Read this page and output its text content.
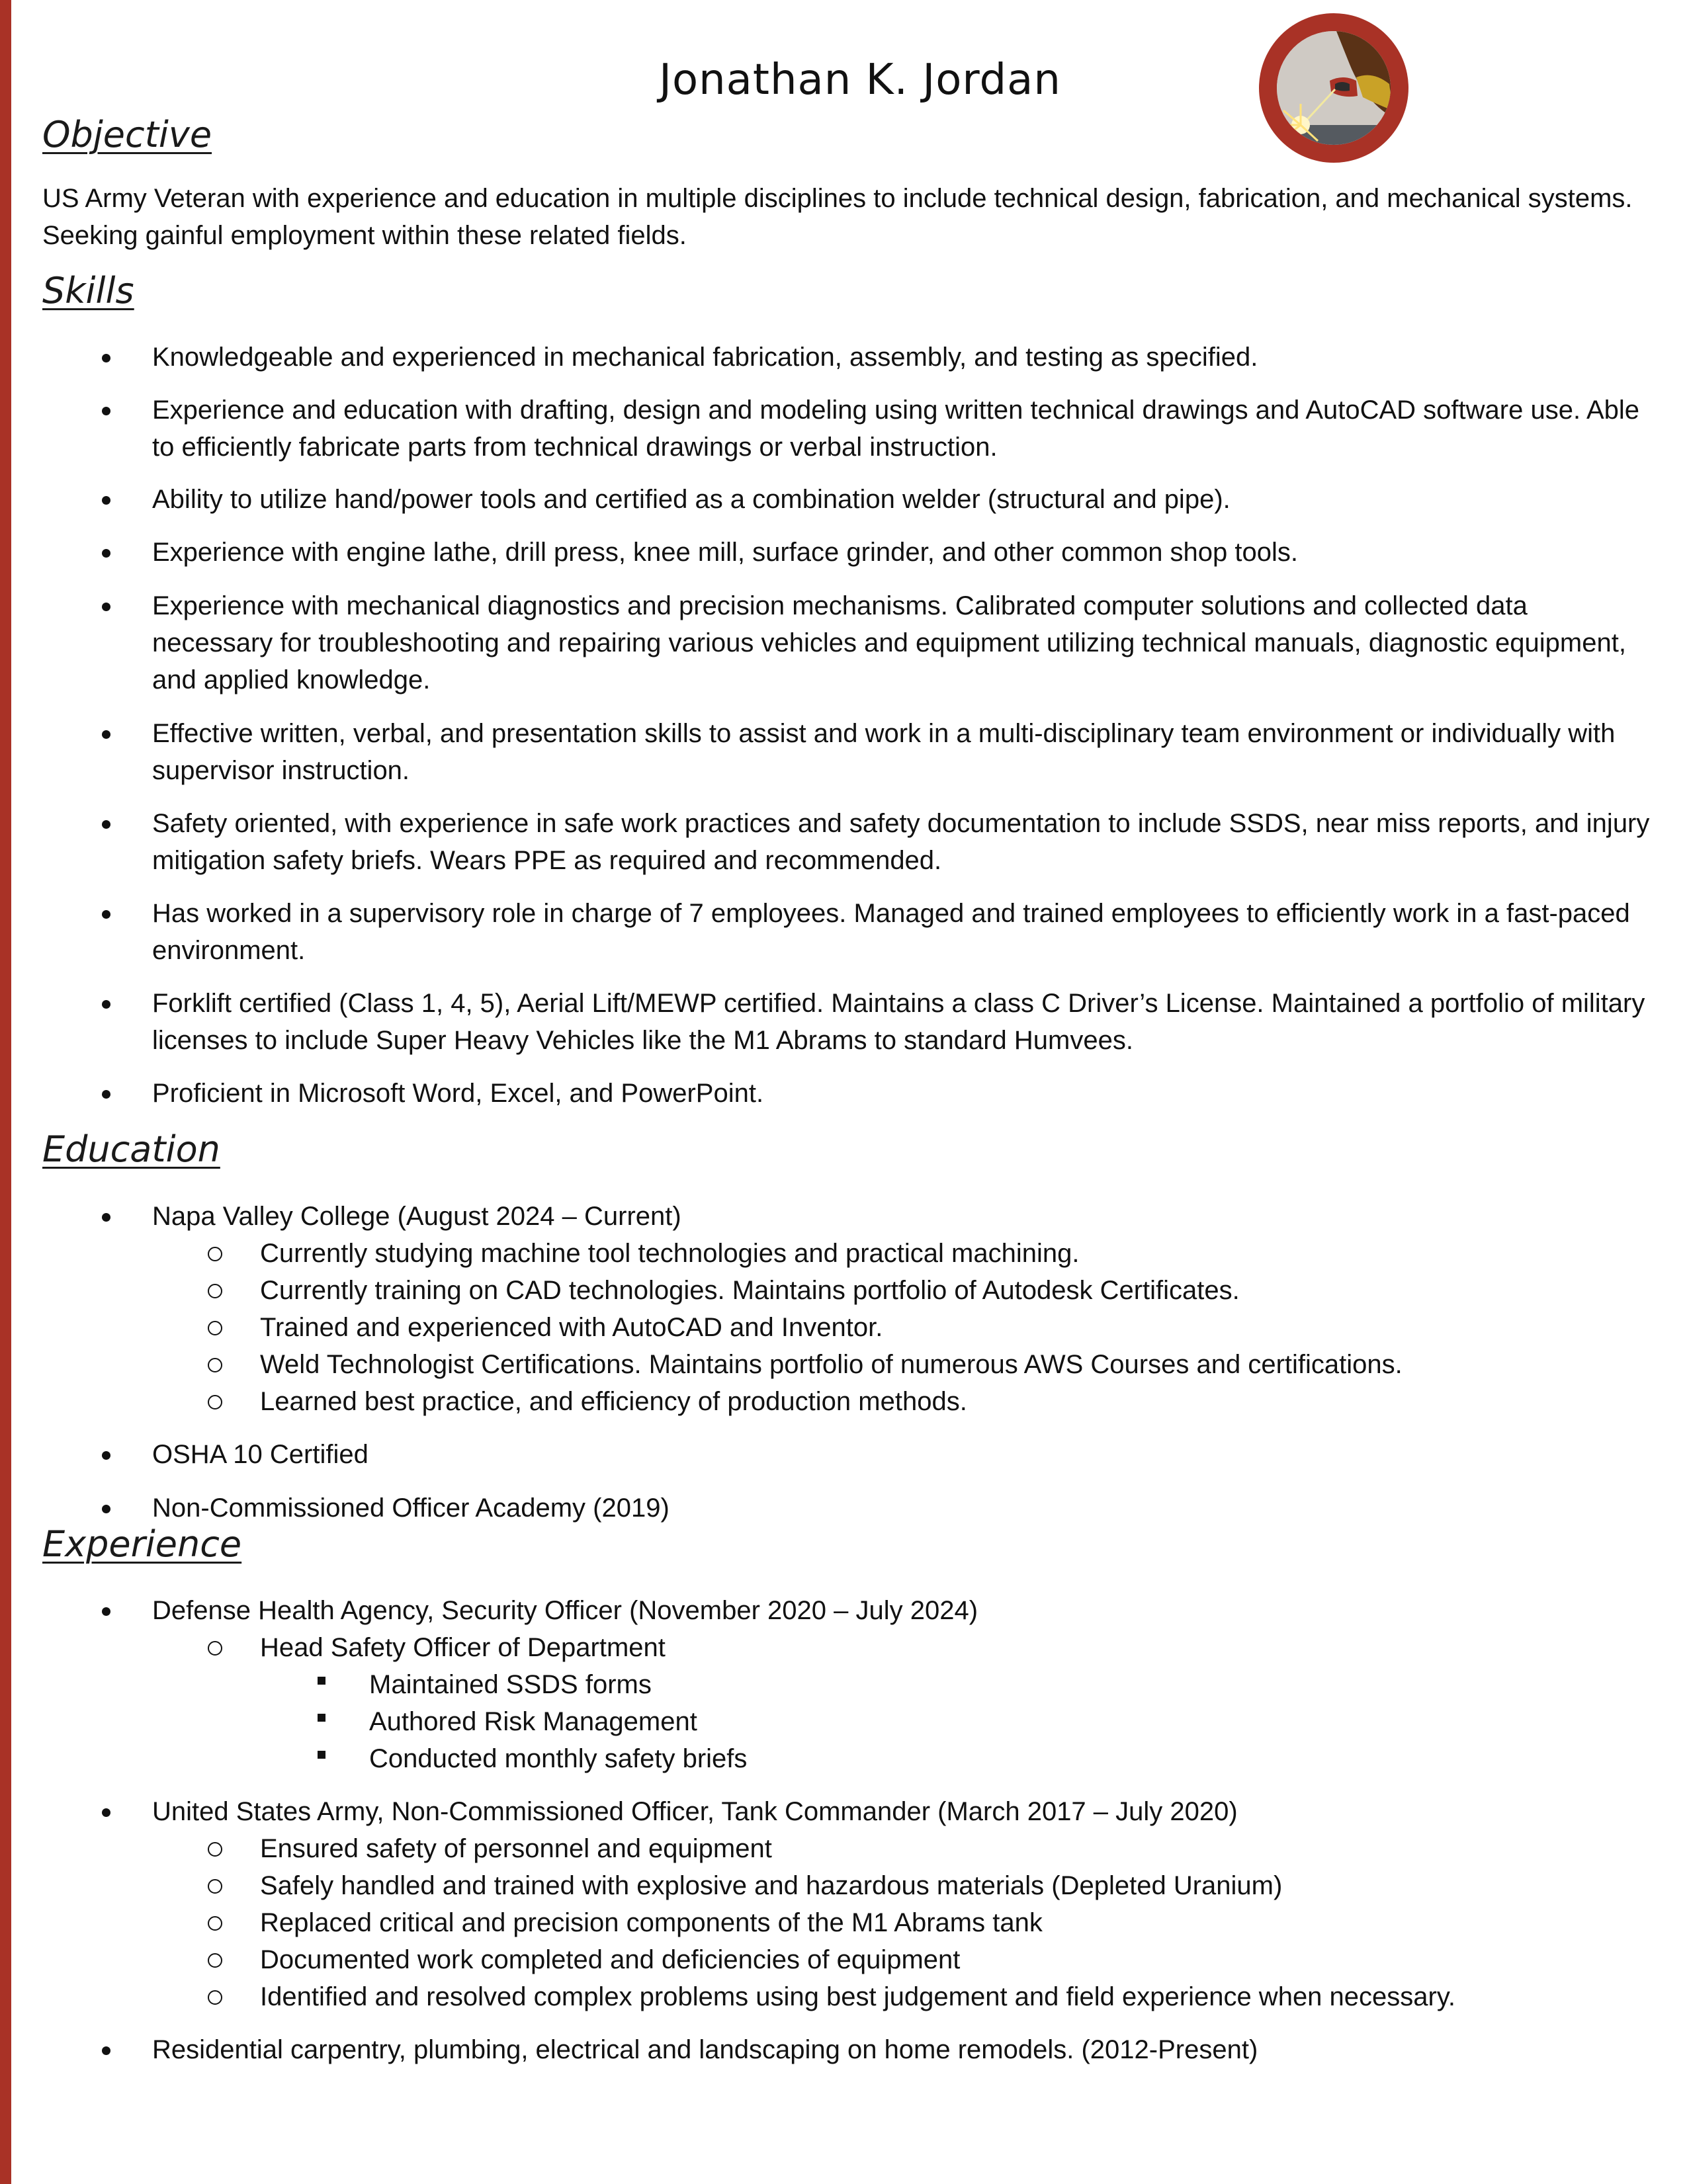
Jonathan K. Jordan
Objective
US Army Veteran with experience and education in multiple disciplines to include technical design, fabrication, and mechanical systems. Seeking gainful employment within these related fields.
Skills
Knowledgeable and experienced in mechanical fabrication, assembly, and testing as specified.
Experience and education with drafting, design and modeling using written technical drawings and AutoCAD software use. Able to efficiently fabricate parts from technical drawings or verbal instruction.
Ability to utilize hand/power tools and certified as a combination welder (structural and pipe).
Experience with engine lathe, drill press, knee mill, surface grinder, and other common shop tools.
Experience with mechanical diagnostics and precision mechanisms. Calibrated computer solutions and collected data necessary for troubleshooting and repairing various vehicles and equipment utilizing technical manuals, diagnostic equipment, and applied knowledge.
Effective written, verbal, and presentation skills to assist and work in a multi-disciplinary team environment or individually with supervisor instruction.
Safety oriented, with experience in safe work practices and safety documentation to include SSDS, near miss reports, and injury mitigation safety briefs. Wears PPE as required and recommended.
Has worked in a supervisory role in charge of 7 employees. Managed and trained employees to efficiently work in a fast-paced environment.
Forklift certified (Class 1, 4, 5), Aerial Lift/MEWP certified. Maintains a class C Driver’s License. Maintained a portfolio of military licenses to include Super Heavy Vehicles like the M1 Abrams to standard Humvees.
Proficient in Microsoft Word, Excel, and PowerPoint.
Education
Napa Valley College (August 2024 – Current)
Currently studying machine tool technologies and practical machining.
Currently training on CAD technologies. Maintains portfolio of Autodesk Certificates.
Trained and experienced with AutoCAD and Inventor.
Weld Technologist Certifications. Maintains portfolio of numerous AWS Courses and certifications.
Learned best practice, and efficiency of production methods.
OSHA 10 Certified
Non-Commissioned Officer Academy (2019)
Experience
Defense Health Agency, Security Officer (November 2020 – July 2024)
Head Safety Officer of Department
Maintained SSDS forms
Authored Risk Management
Conducted monthly safety briefs
United States Army, Non-Commissioned Officer, Tank Commander (March 2017 – July 2020)
Ensured safety of personnel and equipment
Safely handled and trained with explosive and hazardous materials (Depleted Uranium)
Replaced critical and precision components of the M1 Abrams tank
Documented work completed and deficiencies of equipment
Identified and resolved complex problems using best judgement and field experience when necessary.
Residential carpentry, plumbing, electrical and landscaping on home remodels. (2012-Present)
